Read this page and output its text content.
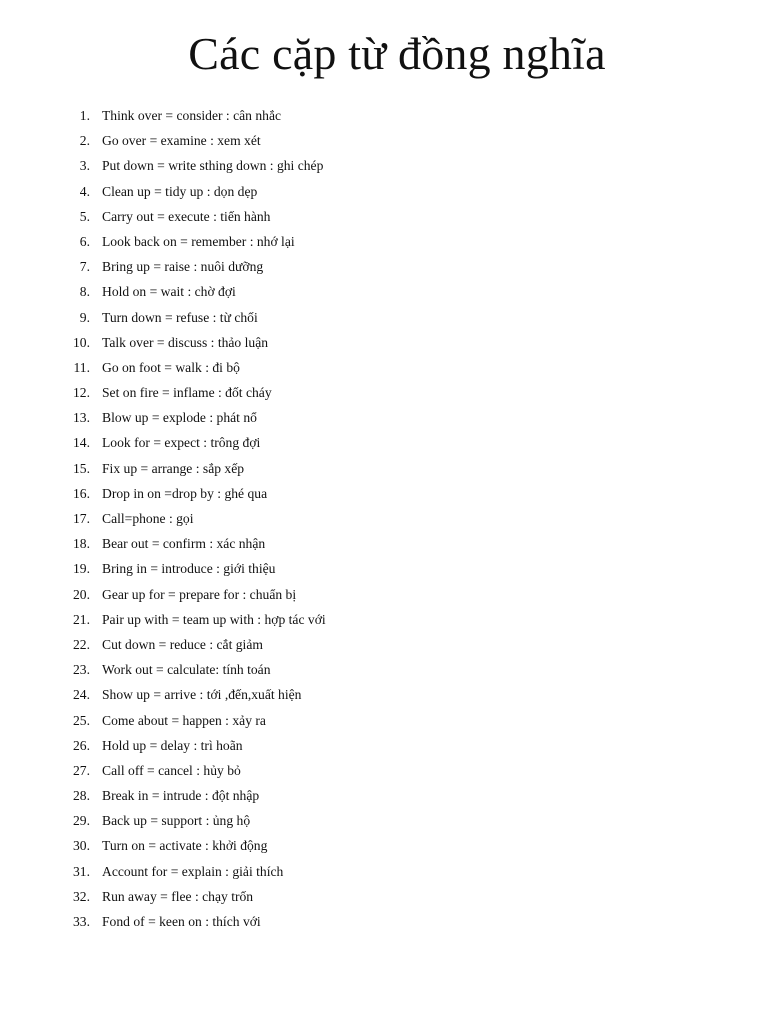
Các cặp từ đồng nghĩa
1. Think over = consider : cân nhắc
2. Go over = examine : xem xét
3. Put down = write sthing down : ghi chép
4. Clean up = tidy up : dọn dẹp
5. Carry out = execute : tiến hành
6. Look back on = remember : nhớ lại
7. Bring up = raise : nuôi dưỡng
8. Hold on = wait : chờ đợi
9. Turn down = refuse : từ chối
10. Talk over = discuss : thảo luận
11. Go on foot = walk : đi bộ
12. Set on fire = inflame : đốt cháy
13. Blow up = explode : phát nổ
14. Look for = expect : trông đợi
15. Fix up = arrange : sắp xếp
16. Drop in on =drop by : ghé qua
17. Call=phone : gọi
18. Bear out = confirm : xác nhận
19. Bring in = introduce : giới thiệu
20. Gear up for = prepare for : chuẩn bị
21. Pair up with = team up with : hợp tác với
22. Cut down = reduce : cắt giảm
23. Work out = calculate: tính toán
24. Show up = arrive : tới ,đến,xuất hiện
25. Come about = happen : xảy ra
26. Hold up = delay : trì hoãn
27. Call off = cancel : hủy bỏ
28. Break in = intrude : đột nhập
29. Back up = support : ủng hộ
30. Turn on = activate : khởi động
31. Account for = explain : giải thích
32. Run away = flee : chạy trốn
33. Fond of = keen on : thích với
